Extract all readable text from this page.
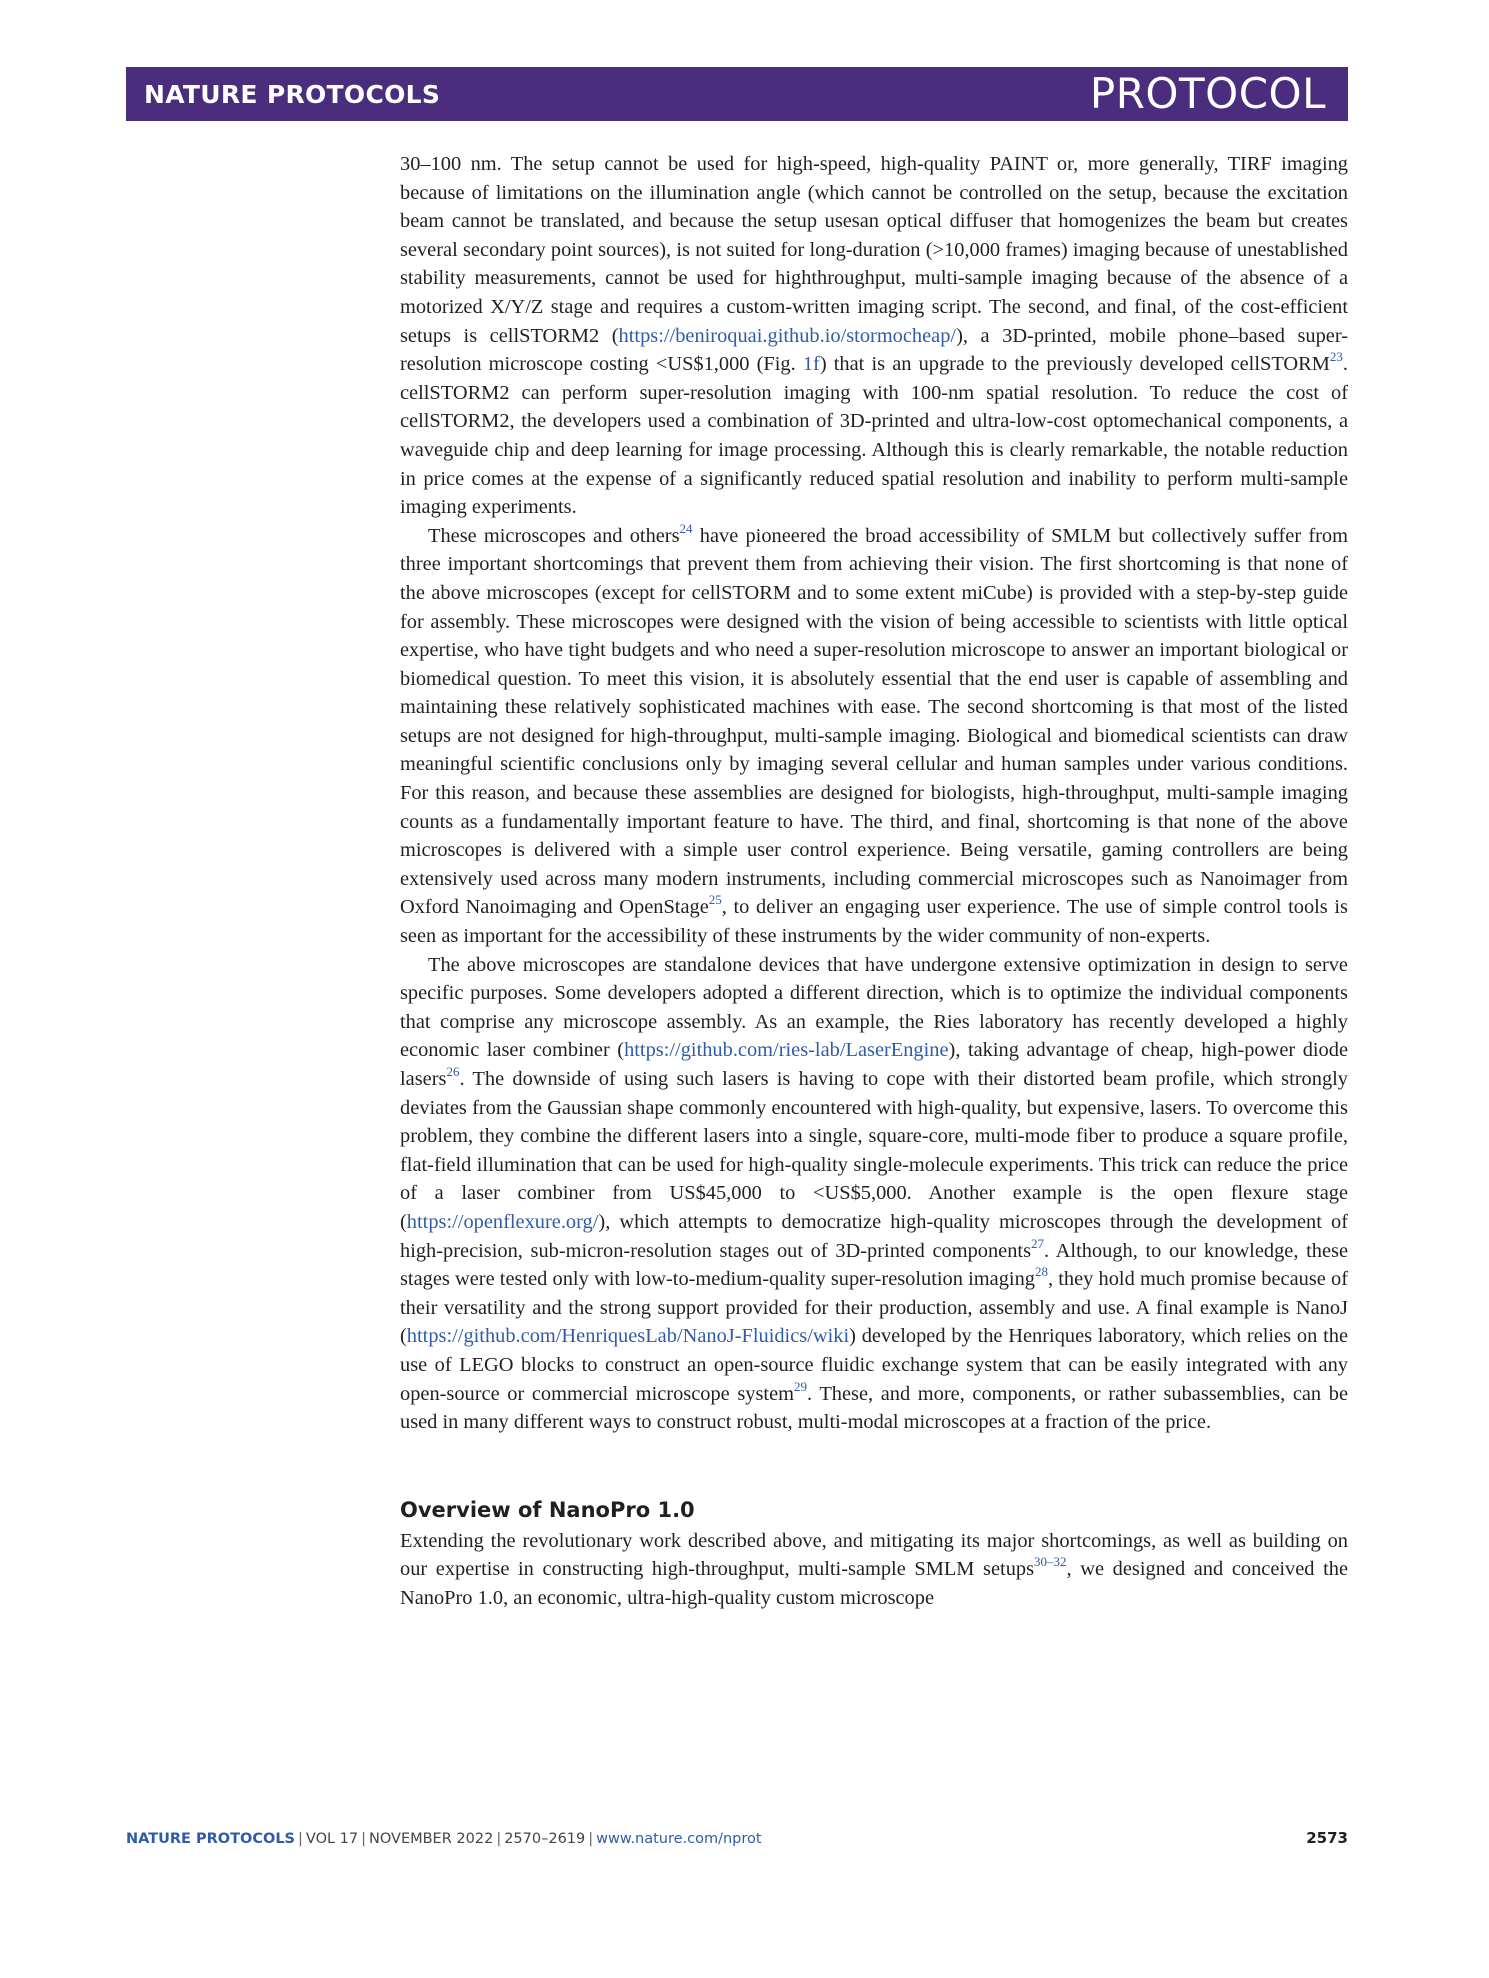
NATURE PROTOCOLS	PROTOCOL

30–100 nm. The setup cannot be used for high-speed, high-quality PAINT or, more generally, TIRF imaging because of limitations on the illumination angle (which cannot be controlled on the setup, because the excitation beam cannot be translated, and because the setup usesan optical diffuser that homogenizes the beam but creates several secondary point sources), is not suited for long-duration (>10,000 frames) imaging because of unestablished stability measurements, cannot be used for highthroughput, multi-sample imaging because of the absence of a motorized X/Y/Z stage and requires a custom-written imaging script. The second, and final, of the cost-efficient setups is cellSTORM2 (https://beniroquai.github.io/stormocheap/), a 3D-printed, mobile phone–based super-resolution microscope costing <US$1,000 (Fig. 1f) that is an upgrade to the previously developed cellSTORM$^{23}$. cellSTORM2 can perform super-resolution imaging with 100-nm spatial resolution. To reduce the cost of cellSTORM2, the developers used a combination of 3D-printed and ultra-low-cost optomechanical components, a waveguide chip and deep learning for image processing. Although this is clearly remarkable, the notable reduction in price comes at the expense of a significantly reduced spatial resolution and inability to perform multi-sample imaging experiments.

These microscopes and others$^{24}$ have pioneered the broad accessibility of SMLM but collectively suffer from three important shortcomings that prevent them from achieving their vision. The first shortcoming is that none of the above microscopes (except for cellSTORM and to some extent miCube) is provided with a step-by-step guide for assembly. These microscopes were designed with the vision of being accessible to scientists with little optical expertise, who have tight budgets and who need a super-resolution microscope to answer an important biological or biomedical question. To meet this vision, it is absolutely essential that the end user is capable of assembling and maintaining these relatively sophisticated machines with ease. The second shortcoming is that most of the listed setups are not designed for high-throughput, multi-sample imaging. Biological and biomedical scientists can draw meaningful scientific conclusions only by imaging several cellular and human samples under various conditions. For this reason, and because these assemblies are designed for biologists, high-throughput, multi-sample imaging counts as a fundamentally important feature to have. The third, and final, shortcoming is that none of the above microscopes is delivered with a simple user control experience. Being versatile, gaming controllers are being extensively used across many modern instruments, including commercial microscopes such as Nanoimager from Oxford Nanoimaging and OpenStage$^{25}$, to deliver an engaging user experience. The use of simple control tools is seen as important for the accessibility of these instruments by the wider community of non-experts.

The above microscopes are standalone devices that have undergone extensive optimization in design to serve specific purposes. Some developers adopted a different direction, which is to optimize the individual components that comprise any microscope assembly. As an example, the Ries laboratory has recently developed a highly economic laser combiner (https://github.com/ries-lab/​LaserEngine), taking advantage of cheap, high-power diode lasers$^{26}$. The downside of using such lasers is having to cope with their distorted beam profile, which strongly deviates from the Gaussian shape commonly encountered with high-quality, but expensive, lasers. To overcome this problem, they combine the different lasers into a single, square-core, multi-mode fiber to produce a square profile, flat-field illumination that can be used for high-quality single-molecule experiments. This trick can reduce the price of a laser combiner from US$45,000 to <US$5,000. Another example is the open flexure stage (https://openflexure.org/), which attempts to democratize high-quality microscopes through the development of high-precision, sub-micron-resolution stages out of 3D-printed components$^{27}$. Although, to our knowledge, these stages were tested only with low-to-medium-quality super-resolution imaging$^{28}$, they hold much promise because of their versatility and the strong support provided for their production, assembly and use. A final example is NanoJ (https://github.​com/HenriquesLab/NanoJ-Fluidics/wiki) developed by the Henriques laboratory, which relies on the use of LEGO blocks to construct an open-source fluidic exchange system that can be easily integrated with any open-source or commercial microscope system$^{29}$. These, and more, components, or rather subassemblies, can be used in many different ways to construct robust, multi-modal microscopes at a fraction of the price.

Overview of NanoPro 1.0

Extending the revolutionary work described above, and mitigating its major shortcomings, as well as building on our expertise in constructing high-throughput, multi-sample SMLM setups$^{30-32}$, we designed and conceived the NanoPro 1.0, an economic, ultra-high-quality custom microscope

NATURE PROTOCOLS | VOL 17 | NOVEMBER 2022 | 2570–2619 | www.nature.com/nprot	2573
